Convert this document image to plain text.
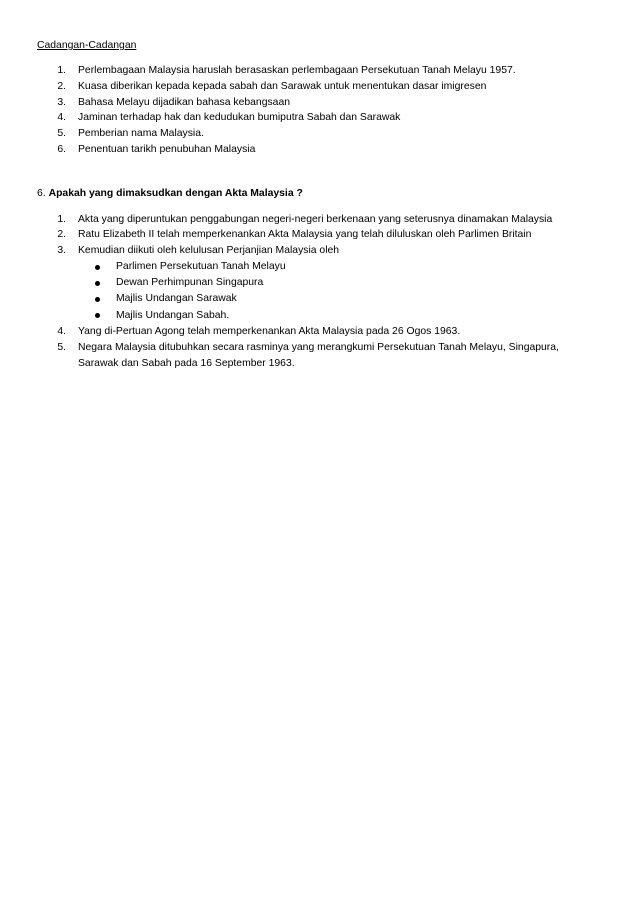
Cadangan-Cadangan
1. Perlembagaan Malaysia haruslah berasaskan perlembagaan Persekutuan Tanah Melayu 1957.
2. Kuasa diberikan kepada kepada sabah dan Sarawak untuk menentukan dasar imigresen
3. Bahasa Melayu dijadikan bahasa kebangsaan
4. Jaminan terhadap hak dan kedudukan bumiputra Sabah dan Sarawak
5. Pemberian nama Malaysia.
6. Penentuan tarikh penubuhan Malaysia
6. Apakah yang dimaksudkan dengan Akta Malaysia ?
1. Akta yang diperuntukan penggabungan negeri-negeri berkenaan yang seterusnya dinamakan Malaysia
2. Ratu Elizabeth II telah memperkenankan Akta Malaysia yang telah diluluskan oleh Parlimen Britain
3. Kemudian diikuti oleh kelulusan Perjanjian Malaysia oleh
Parlimen Persekutuan Tanah Melayu
Dewan Perhimpunan Singapura
Majlis Undangan Sarawak
Majlis Undangan Sabah.
4. Yang di-Pertuan Agong telah memperkenankan Akta Malaysia pada 26 Ogos 1963.
5. Negara Malaysia ditubuhkan secara rasminya yang merangkumi Persekutuan Tanah Melayu, Singapura,
Sarawak dan Sabah pada 16 September 1963.
